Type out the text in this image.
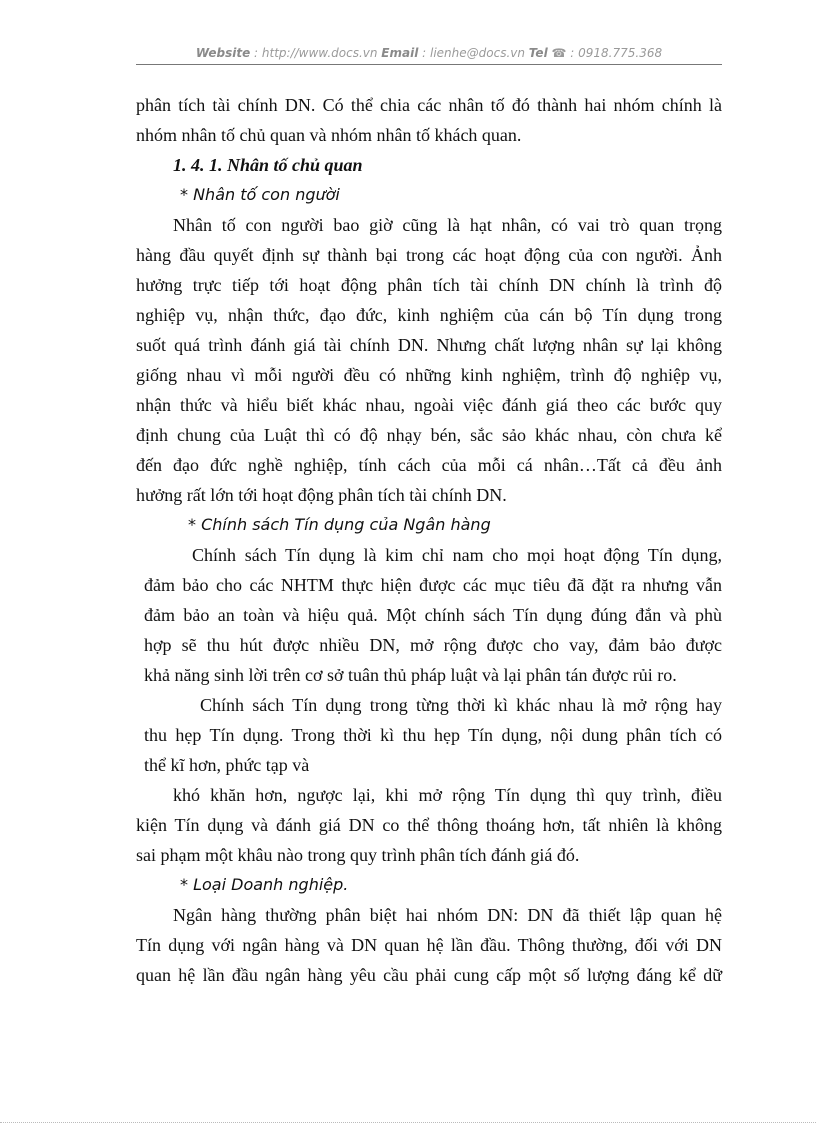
Website : http://www.docs.vn Email : lienhe@docs.vn Tel ☎ : 0918.775.368
phân tích tài chính DN. Có thể chia các nhân tố đó thành hai nhóm chính là
nhóm nhân tố chủ quan và nhóm nhân tố khách quan.
1. 4. 1. Nhân tố chủ quan
* Nhân tố con người
Nhân tố con người bao giờ cũng là hạt nhân, có vai trò quan trọng
hàng đầu quyết định sự thành bại trong các hoạt động của con người. Ảnh
hưởng trực tiếp tới hoạt động phân tích tài chính DN chính là trình độ
nghiệp vụ, nhận thức, đạo đức, kinh nghiệm của cán bộ Tín dụng trong
suốt quá trình đánh giá tài chính DN. Nhưng chất lượng nhân sự lại không
giống nhau vì mỗi người đều có những kinh nghiệm, trình độ nghiệp vụ,
nhận thức và hiểu biết khác nhau, ngoài việc đánh giá theo các bước quy
định chung của Luật thì có độ nhạy bén, sắc sảo khác nhau, còn chưa kể
đến đạo đức nghề nghiệp, tính cách của mỗi cá nhân…Tất cả đều ảnh
hưởng rất lớn tới hoạt động phân tích tài chính DN.
* Chính sách Tín dụng của Ngân hàng
Chính sách Tín dụng là kim chỉ nam cho mọi hoạt động Tín dụng,
đảm bảo cho các NHTM thực hiện được các mục tiêu đã đặt ra nhưng vẫn
đảm bảo an toàn và hiệu quả. Một chính sách Tín dụng đúng đắn và phù
hợp sẽ thu hút được nhiều DN, mở rộng được cho vay, đảm bảo được
khả năng sinh lời trên cơ sở tuân thủ pháp luật và lại phân tán được rủi ro.
Chính sách Tín dụng trong từng thời kì khác nhau là mở rộng hay
thu hẹp Tín dụng. Trong thời kì thu hẹp Tín dụng, nội dung phân tích có
thể kĩ hơn, phức tạp và
khó khăn hơn, ngược lại, khi mở rộng Tín dụng thì quy trình, điều
kiện Tín dụng và đánh giá DN co thể thông thoáng hơn, tất nhiên là không
sai phạm một khâu nào trong quy trình phân tích đánh giá đó.
* Loại Doanh nghiệp.
Ngân hàng thường phân biệt hai nhóm DN: DN đã thiết lập quan hệ
Tín dụng với ngân hàng và DN quan hệ lần đầu. Thông thường, đối với DN
quan hệ lần đầu ngân hàng yêu cầu phải cung cấp một số lượng đáng kể dữ
